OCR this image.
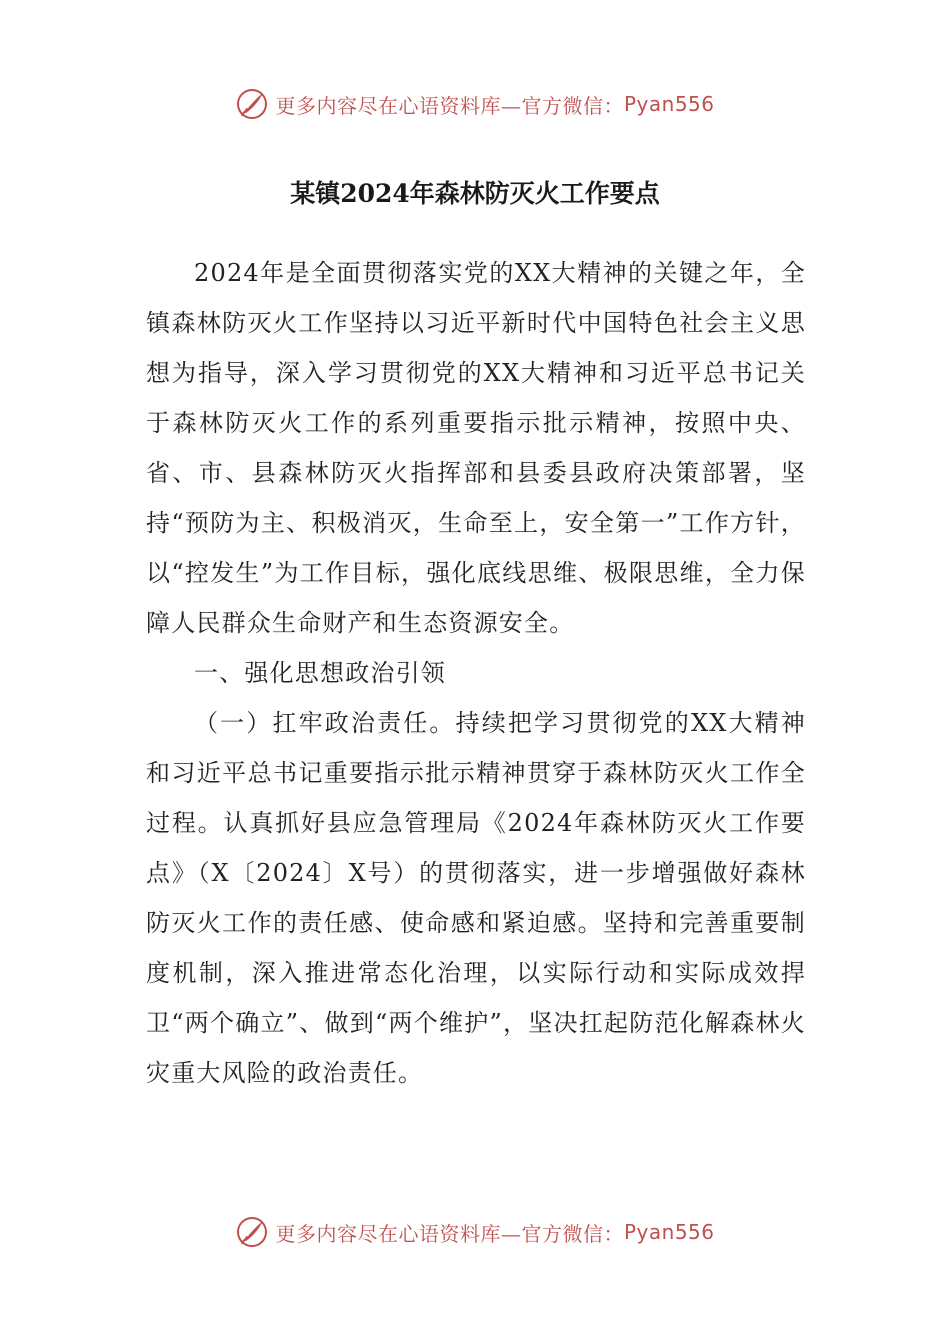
更多内容尽在心语资料库—官方微信： Pyan556
某镇2024年森林防灭火工作要点

2024年是全面贯彻落实党的XX大精神的关键之年，全镇森林防灭火工作坚持以习近平新时代中国特色社会主义思想为指导，深入学习贯彻党的XX大精神和习近平总书记关于森林防灭火工作的系列重要指示批示精神，按照中央、省、市、县森林防灭火指挥部和县委县政府决策部署，坚持“预防为主、积极消灭，生命至上，安全第一”工作方针，以“控发生”为工作目标，强化底线思维、极限思维，全力保障人民群众生命财产和生态资源安全。

一、强化思想政治引领

（一）扛牢政治责任。持续把学习贯彻党的XX大精神和习近平总书记重要指示批示精神贯穿于森林防灭火工作全过程。认真抓好县应急管理局《2024年森林防灭火工作要点》（X〔2024〕X号）的贯彻落实，进一步增强做好森林防灭火工作的责任感、使命感和紧迫感。坚持和完善重要制度机制，深入推进常态化治理，以实际行动和实际成效捍卫“两个确立”、做到“两个维护”，坚决扛起防范化解森林火灾重大风险的政治责任。

更多内容尽在心语资料库—官方微信： Pyan556
